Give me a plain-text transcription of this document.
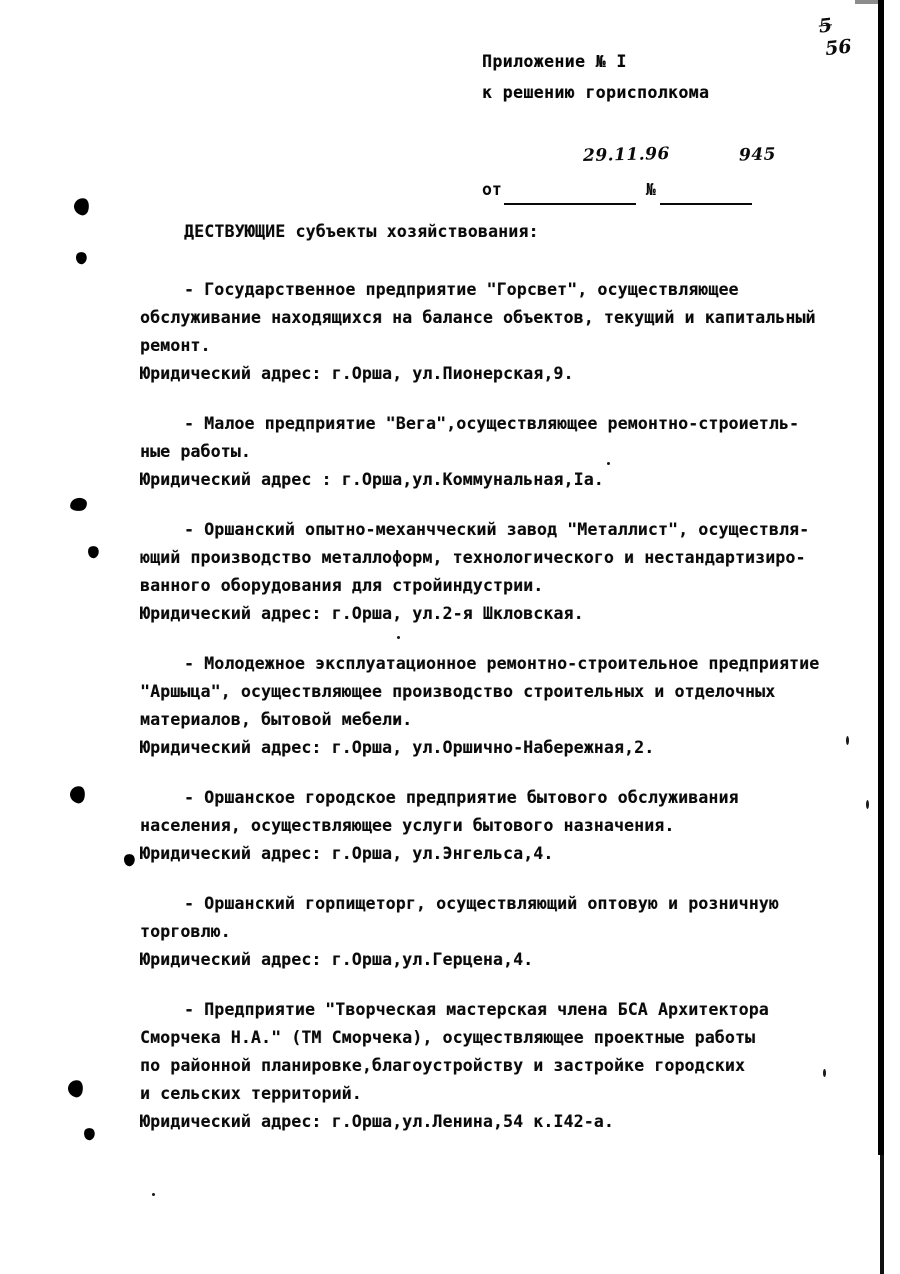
5
56
Приложение № I
к решению горисполкома
от

29.11.96

№

945

ДЕСТВУЮЩИЕ субъекты хозяйствования:
- Государственное предприятие "Горсвет", осуществляющее
обслуживание находящихся на балансе объектов, текущий и капитальный
ремонт.
Юридический адрес: г.Орша, ул.Пионерская,9.
- Малое предприятие "Вега",осуществляющее ремонтно-строиетль-
ные работы.
Юридический адрес : г.Орша,ул.Коммунальная,Iа.
- Оршанский опытно-механчческий завод "Металлист", осуществля-
ющий производство металлоформ, технологического и нестандартизиро-
ванного оборудования для стройиндустрии.
Юридический адрес: г.Орша, ул.2-я Шкловская.
- Молодежное эксплуатационное ремонтно-строительное предприятие
"Аршыца", осуществляющее производство строительных и отделочных
материалов, бытовой мебели.
Юридический адрес: г.Орша, ул.Оршично-Набережная,2.
- Оршанское городское предприятие бытового обслуживания
населения, осуществляющее услуги бытового назначения.
Юридический адрес: г.Орша, ул.Энгельса,4.
- Оршанский горпищеторг, осуществляющий оптовую и розничную
торговлю.
Юридический адрес: г.Орша,ул.Герцена,4.
- Предприятие "Творческая мастерская члена БСА Архитектора
Сморчека Н.А." (ТМ Сморчека), осуществляющее проектные работы
по районной планировке,благоустройству и застройке городских
и сельских территорий.
Юридический адрес: г.Орша,ул.Ленина,54 к.I42-а.
